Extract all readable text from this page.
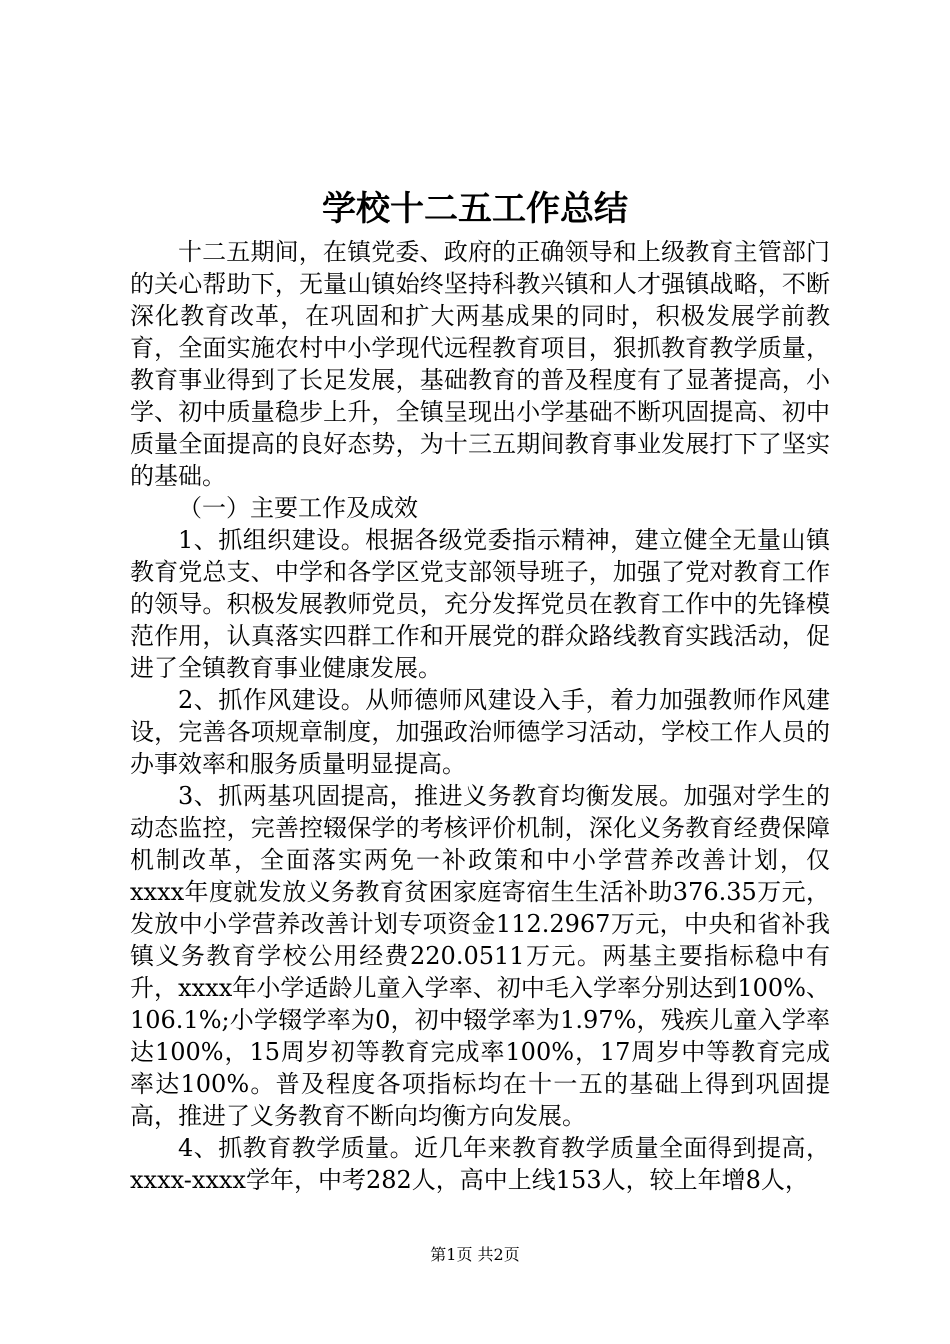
学校十二五工作总结

十二五期间，在镇党委、政府的正确领导和上级教育主管部门的关心帮助下，无量山镇始终坚持科教兴镇和人才强镇战略，不断深化教育改革，在巩固和扩大两基成果的同时，积极发展学前教育，全面实施农村中小学现代远程教育项目，狠抓教育教学质量，教育事业得到了长足发展，基础教育的普及程度有了显著提高，小学、初中质量稳步上升，全镇呈现出小学基础不断巩固提高、初中质量全面提高的良好态势，为十三五期间教育事业发展打下了坚实的基础。

（一）主要工作及成效

1、抓组织建设。根据各级党委指示精神，建立健全无量山镇教育党总支、中学和各学区党支部领导班子，加强了党对教育工作的领导。积极发展教师党员，充分发挥党员在教育工作中的先锋模范作用，认真落实四群工作和开展党的群众路线教育实践活动，促进了全镇教育事业健康发展。

2、抓作风建设。从师德师风建设入手，着力加强教师作风建设，完善各项规章制度，加强政治师德学习活动，学校工作人员的办事效率和服务质量明显提高。

3、抓两基巩固提高，推进义务教育均衡发展。加强对学生的动态监控，完善控辍保学的考核评价机制，深化义务教育经费保障机制改革，全面落实两免一补政策和中小学营养改善计划，仅xxxx年度就发放义务教育贫困家庭寄宿生生活补助376.35万元，发放中小学营养改善计划专项资金112.2967万元，中央和省补我镇义务教育学校公用经费220.0511万元。两基主要指标稳中有升，xxxx年小学适龄儿童入学率、初中毛入学率分别达到100%、106.1%;小学辍学率为0，初中辍学率为1.97%，残疾儿童入学率达100%，15周岁初等教育完成率100%，17周岁中等教育完成率达100%。普及程度各项指标均在十一五的基础上得到巩固提高，推进了义务教育不断向均衡方向发展。

4、抓教育教学质量。近几年来教育教学质量全面得到提高，xxxx-xxxx学年，中考282人，高中上线153人，较上年增8人，

第1页 共2页
